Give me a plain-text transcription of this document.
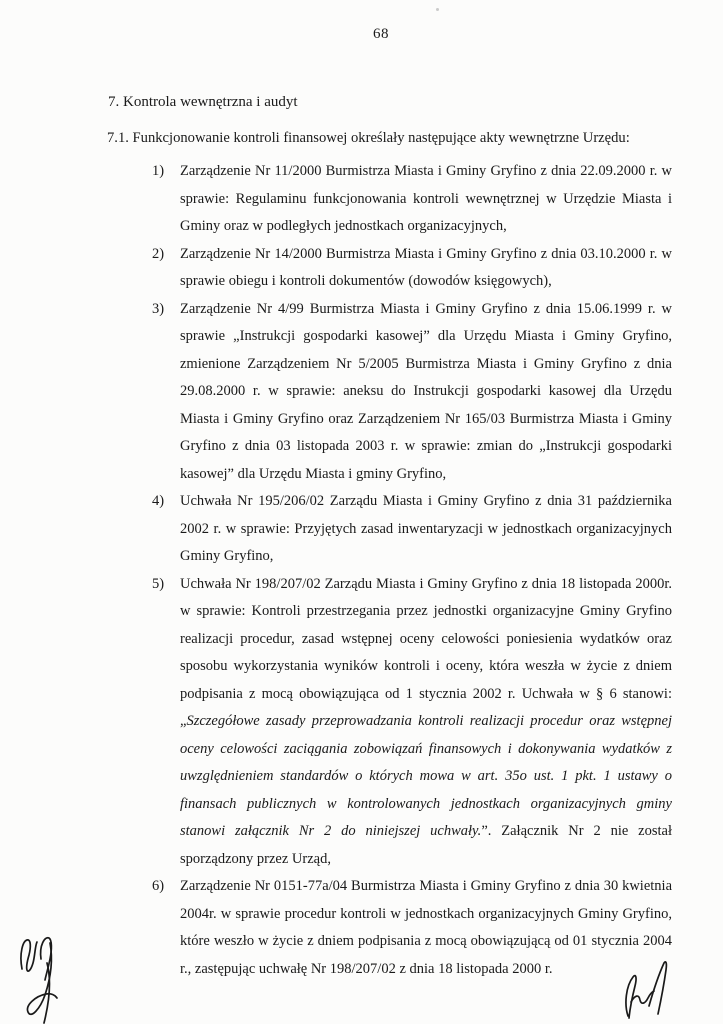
68
7. Kontrola wewnętrzna i audyt
7.1. Funkcjonowanie kontroli finansowej określały następujące akty wewnętrzne Urzędu:
1)	Zarządzenie Nr 11/2000 Burmistrza Miasta i Gminy Gryfino z dnia 22.09.2000 r. w sprawie: Regulaminu funkcjonowania kontroli wewnętrznej w Urzędzie Miasta i Gminy oraz w podległych jednostkach organizacyjnych,
2)	Zarządzenie Nr 14/2000 Burmistrza Miasta i Gminy Gryfino z dnia 03.10.2000 r. w sprawie obiegu i kontroli dokumentów (dowodów księgowych),
3)	Zarządzenie Nr 4/99 Burmistrza Miasta i Gminy Gryfino z dnia 15.06.1999 r. w sprawie „Instrukcji gospodarki kasowej” dla Urzędu Miasta i Gminy Gryfino, zmienione Zarządzeniem Nr 5/2005 Burmistrza Miasta i Gminy Gryfino z dnia 29.08.2000 r. w sprawie: aneksu do Instrukcji gospodarki kasowej dla Urzędu Miasta i Gminy Gryfino oraz Zarządzeniem Nr 165/03 Burmistrza Miasta i Gminy Gryfino z dnia 03 listopada 2003 r. w sprawie: zmian do „Instrukcji gospodarki kasowej” dla Urzędu Miasta i gminy Gryfino,
4)	Uchwała Nr 195/206/02 Zarządu Miasta i Gminy Gryfino z dnia 31 października 2002 r. w sprawie: Przyjętych zasad inwentaryzacji w jednostkach organizacyjnych Gminy Gryfino,
5)	Uchwała Nr 198/207/02 Zarządu Miasta i Gminy Gryfino z dnia 18 listopada 2000r. w sprawie: Kontroli przestrzegania przez jednostki organizacyjne Gminy Gryfino realizacji procedur, zasad wstępnej oceny celowości poniesienia wydatków oraz sposobu wykorzystania wyników kontroli i oceny, która weszła w życie z dniem podpisania z mocą obowiązująca od 1 stycznia 2002 r. Uchwała w § 6 stanowi: „Szczegółowe zasady przeprowadzania kontroli realizacji procedur oraz wstępnej oceny celowości zaciągania zobowiązań finansowych i dokonywania wydatków z uwzględnieniem standardów o których mowa w art. 35o ust. 1 pkt. 1 ustawy o finansach publicznych w kontrolowanych jednostkach organizacyjnych gminy stanowi załącznik Nr 2 do niniejszej uchwały.”. Załącznik Nr 2 nie został sporządzony przez Urząd,
6)	Zarządzenie Nr 0151-77a/04 Burmistrza Miasta i Gminy Gryfino z dnia 30 kwietnia 2004r. w sprawie procedur kontroli w jednostkach organizacyjnych Gminy Gryfino, które weszło w życie z dniem podpisania z mocą obowiązującą od 01 stycznia 2004 r., zastępując uchwałę Nr 198/207/02 z dnia 18 listopada 2000 r.
